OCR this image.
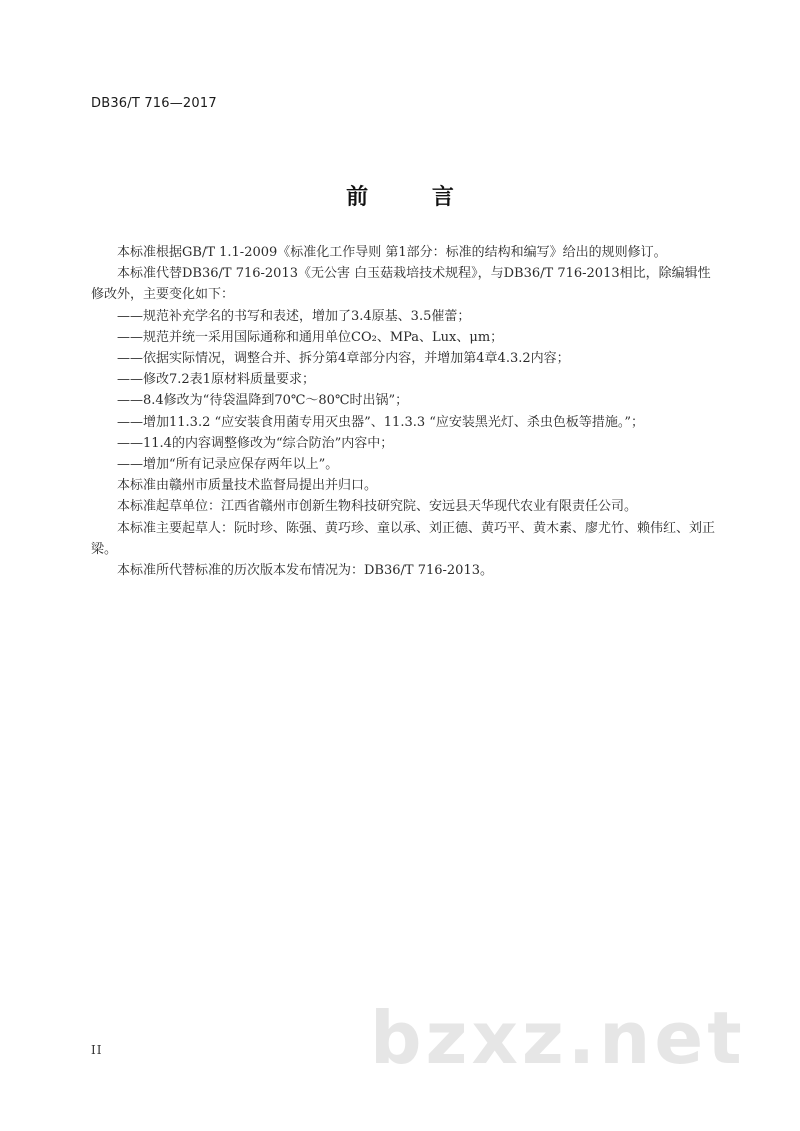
DB36/T 716—2017
前 言

本标准根据GB/T 1.1-2009《标准化工作导则 第1部分：标准的结构和编写》给出的规则修订。

本标准代替DB36/T 716-2013《无公害 白玉菇栽培技术规程》，与DB36/T 716-2013相比，除编辑性修改外，主要变化如下：

——规范补充学名的书写和表述，增加了3.4原基、3.5催蕾；

——规范并统一采用国际通称和通用单位CO₂、MPa、Lux、μm；

——依据实际情况，调整合并、拆分第4章部分内容，并增加第4章4.3.2内容；

——修改7.2表1原材料质量要求；

——8.4修改为“待袋温降到70℃～80℃时出锅”；

——增加11.3.2 “应安装食用菌专用灭虫器”、11.3.3 “应安装黑光灯、杀虫色板等措施。”；

——11.4的内容调整修改为“综合防治”内容中；

——增加“所有记录应保存两年以上”。

本标准由赣州市质量技术监督局提出并归口。

本标准起草单位：江西省赣州市创新生物科技研究院、安远县天华现代农业有限责任公司。

本标准主要起草人：阮时珍、陈强、黄巧珍、童以承、刘正德、黄巧平、黄木素、廖尤竹、赖伟红、刘正梁。

本标准所代替标准的历次版本发布情况为：DB36/T 716-2013。

bzxz.net
II
